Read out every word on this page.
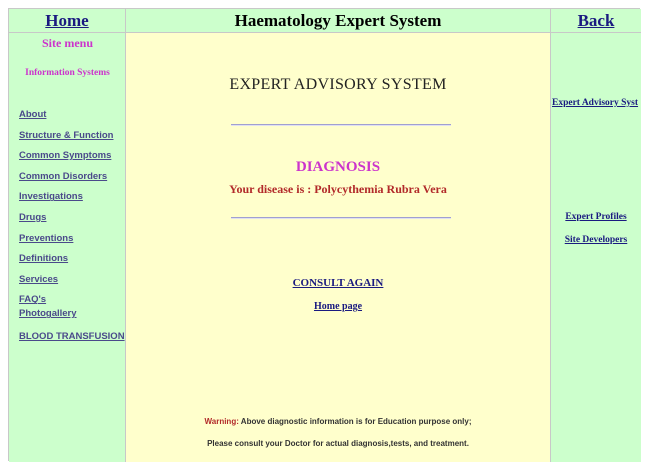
Home	Haematology Expert System	Back
Site menu
Information Systems
About
Structure & Function
Common Symptoms
Common Disorders
Investigations
Drugs
Preventions
Definitions
Services
FAQ's
Photogallery
BLOOD TRANSFUSION
EXPERT ADVISORY SYSTEM
DIAGNOSIS
Your disease is : Polycythemia Rubra Vera
CONSULT AGAIN
Home page
Warning: Above diagnostic information is for Education purpose only;
Please consult your Doctor for actual diagnosis,tests, and treatment.
Expert Advisory Syst
Expert Profiles
Site Developers
